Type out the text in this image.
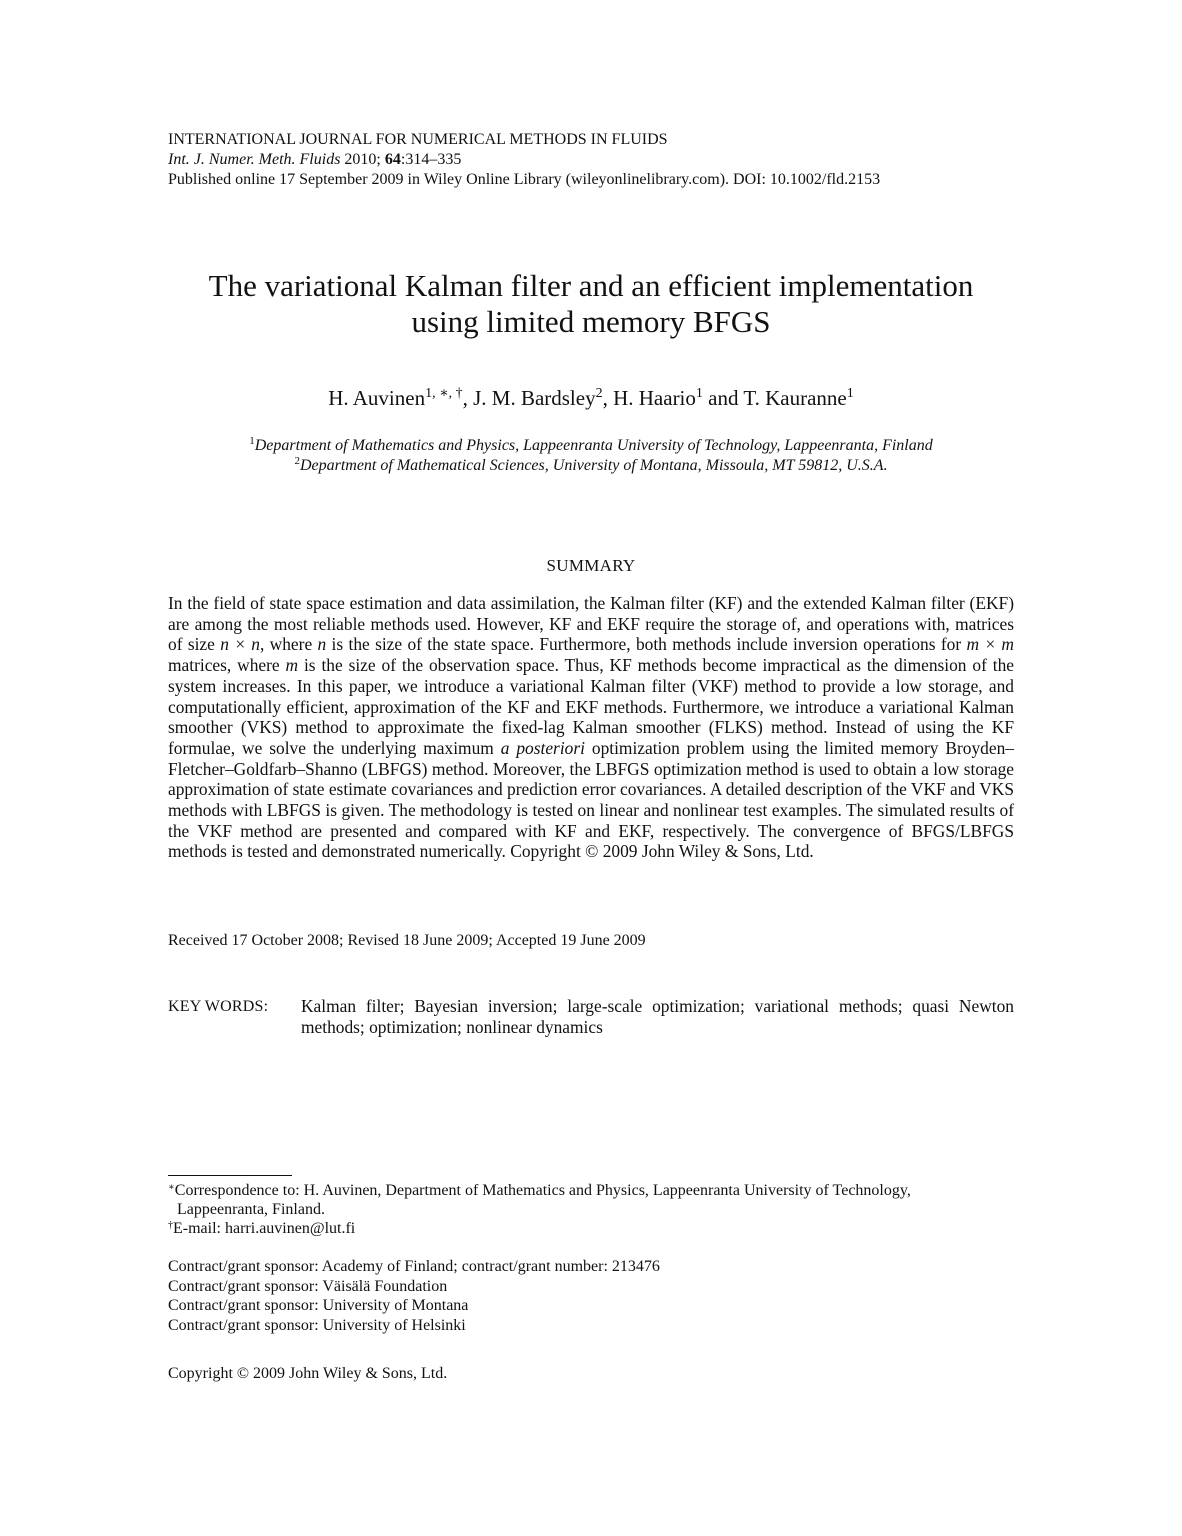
INTERNATIONAL JOURNAL FOR NUMERICAL METHODS IN FLUIDS
Int. J. Numer. Meth. Fluids 2010; 64:314–335
Published online 17 September 2009 in Wiley Online Library (wileyonlinelibrary.com). DOI: 10.1002/fld.2153
The variational Kalman filter and an efficient implementation
using limited memory BFGS
H. Auvinen$^{1, ∗, \dagger}$, J. M. Bardsley$^2$, H. Haario$^1$ and T. Kauranne$^1$
$^1$Department of Mathematics and Physics, Lappeenranta University of Technology, Lappeenranta, Finland
$^2$Department of Mathematical Sciences, University of Montana, Missoula, MT 59812, U.S.A.
SUMMARY
In the field of state space estimation and data assimilation, the Kalman filter (KF) and the extended Kalman filter (EKF) are among the most reliable methods used. However, KF and EKF require the storage of, and operations with, matrices of size n × n, where n is the size of the state space. Furthermore, both methods include inversion operations for m × m matrices, where m is the size of the observation space. Thus, KF methods become impractical as the dimension of the system increases. In this paper, we introduce a variational Kalman filter (VKF) method to provide a low storage, and computationally efficient, approximation of the KF and EKF methods. Furthermore, we introduce a variational Kalman smoother (VKS) method to approximate the fixed-lag Kalman smoother (FLKS) method. Instead of using the KF formulae, we solve the underlying maximum a posteriori optimization problem using the limited memory Broyden–Fletcher–Goldfarb–Shanno (LBFGS) method. Moreover, the LBFGS optimization method is used to obtain a low storage approximation of state estimate covariances and prediction error covariances. A detailed description of the VKF and VKS methods with LBFGS is given. The methodology is tested on linear and nonlinear test examples. The simulated results of the VKF method are presented and compared with KF and EKF, respectively. The convergence of BFGS/LBFGS methods is tested and demonstrated numerically. Copyright © 2009 John Wiley & Sons, Ltd.
Received 17 October 2008; Revised 18 June 2009; Accepted 19 June 2009
KEY WORDS: Kalman filter; Bayesian inversion; large-scale optimization; variational methods; quasi Newton methods; optimization; nonlinear dynamics
∗Correspondence to: H. Auvinen, Department of Mathematics and Physics, Lappeenranta University of Technology,
Lappeenranta, Finland.
†E-mail: harri.auvinen@lut.fi
Contract/grant sponsor: Academy of Finland; contract/grant number: 213476
Contract/grant sponsor: Väisälä Foundation
Contract/grant sponsor: University of Montana
Contract/grant sponsor: University of Helsinki
Copyright © 2009 John Wiley & Sons, Ltd.
